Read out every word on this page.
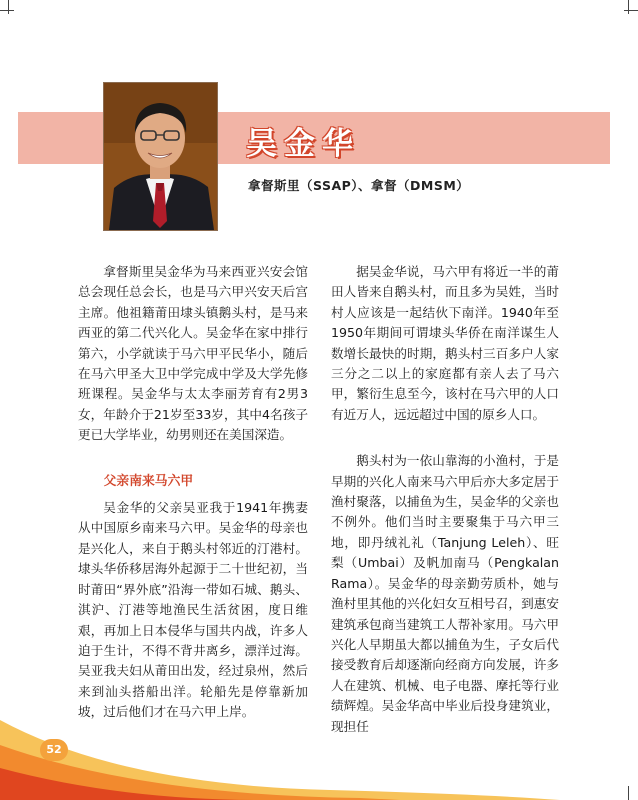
吴金华
拿督斯里（SSAP）、拿督（DMSM）

拿督斯里吴金华为马来西亚兴安会馆总会现任总会长，也是马六甲兴安天后宫主席。他祖籍莆田埭头镇鹅头村，是马来西亚的第二代兴化人。吴金华在家中排行第六，小学就读于马六甲平民华小，随后在马六甲圣大卫中学完成中学及大学先修班课程。吴金华与太太李丽芳育有2男3女，年龄介于21岁至33岁，其中4名孩子更已大学毕业，幼男则还在美国深造。

父亲南来马六甲

吴金华的父亲吴亚我于1941年携妻从中国原乡南来马六甲。吴金华的母亲也是兴化人，来自于鹅头村邻近的汀港村。埭头华侨移居海外起源于二十世纪初，当时莆田“界外底”沿海一带如石城、鹅头、淇沪、汀港等地渔民生活贫困，度日维艰，再加上日本侵华与国共内战，许多人迫于生计，不得不背井离乡，漂洋过海。吴亚我夫妇从莆田出发，经过泉州，然后来到汕头搭船出洋。轮船先是停靠新加坡，过后他们才在马六甲上岸。

据吴金华说，马六甲有将近一半的莆田人皆来自鹅头村，而且多为吴姓，当时村人应该是一起结伙下南洋。1940年至1950年期间可谓埭头华侨在南洋谋生人数增长最快的时期，鹅头村三百多户人家三分之二以上的家庭都有亲人去了马六甲，繁衍生息至今，该村在马六甲的人口有近万人，远远超过中国的原乡人口。

鹅头村为一依山靠海的小渔村，于是早期的兴化人南来马六甲后亦大多定居于渔村聚落，以捕鱼为生，吴金华的父亲也不例外。他们当时主要聚集于马六甲三地，即丹绒礼礼（Tanjung Leleh）、旺梨（Umbai）及帆加南马（Pengkalan　Rama）。吴金华的母亲勤劳质朴，她与渔村里其他的兴化妇女互相号召，到惠安建筑承包商当建筑工人帮补家用。马六甲兴化人早期虽大都以捕鱼为生，子女后代接受教育后却逐渐向经商方向发展，许多人在建筑、机械、电子电器、摩托等行业绩辉煌。吴金华高中毕业后投身建筑业，现担任

52
